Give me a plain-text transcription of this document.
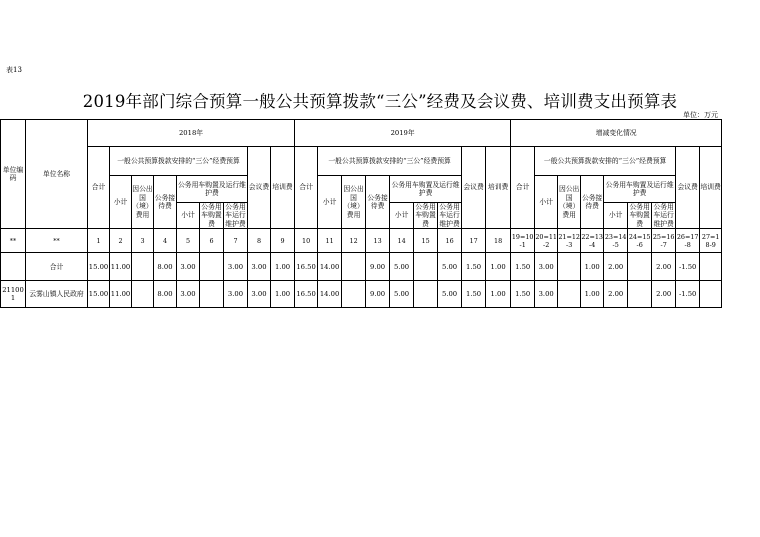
表13
2019年部门综合预算一般公共预算拨款“三公”经费及会议费、培训费支出预算表
单位：万元
单位编码	单位名称	2018年									2019年									增减变化情况								
		合计	一般公共预算拨款安排的“三公”经费预算						会议费	培训费	合计	一般公共预算拨款安排的“三公”经费预算						会议费	培训费	合计	一般公共预算拨款安排的“三公”经费预算						会议费	培训费
			小计	因公出国（境）费用	公务接待费	公务用车购置及运行维护费						小计	因公出国（境）费用	公务接待费	公务用车购置及运行维护费						小计	因公出国（境）费用	公务接待费	公务用车购置及运行维护费				
						小计	公务用车购置费	公务用车运行维护费							小计	公务用车购置费	公务用车运行维护费							小计	公务用车购置费	公务用车运行维护费		
**	**	1	2	3	4	5	6	7	8	9	10	11	12	13	14	15	16	17	18	19=10-1	20=11-2	21=12-3	22=13-4	23=14-5	24=15-6	25=16-7	26=17-8	27=18-9
	合计	15.00	11.00		8.00	3.00		3.00	3.00	1.00	16.50	14.00		9.00	5.00		5.00	1.50	1.00	1.50	3.00		1.00	2.00		2.00	-1.50	
211001	云雾山镇人民政府	15.00	11.00		8.00	3.00		3.00	3.00	1.00	16.50	14.00		9.00	5.00		5.00	1.50	1.00	1.50	3.00		1.00	2.00		2.00	-1.50	
